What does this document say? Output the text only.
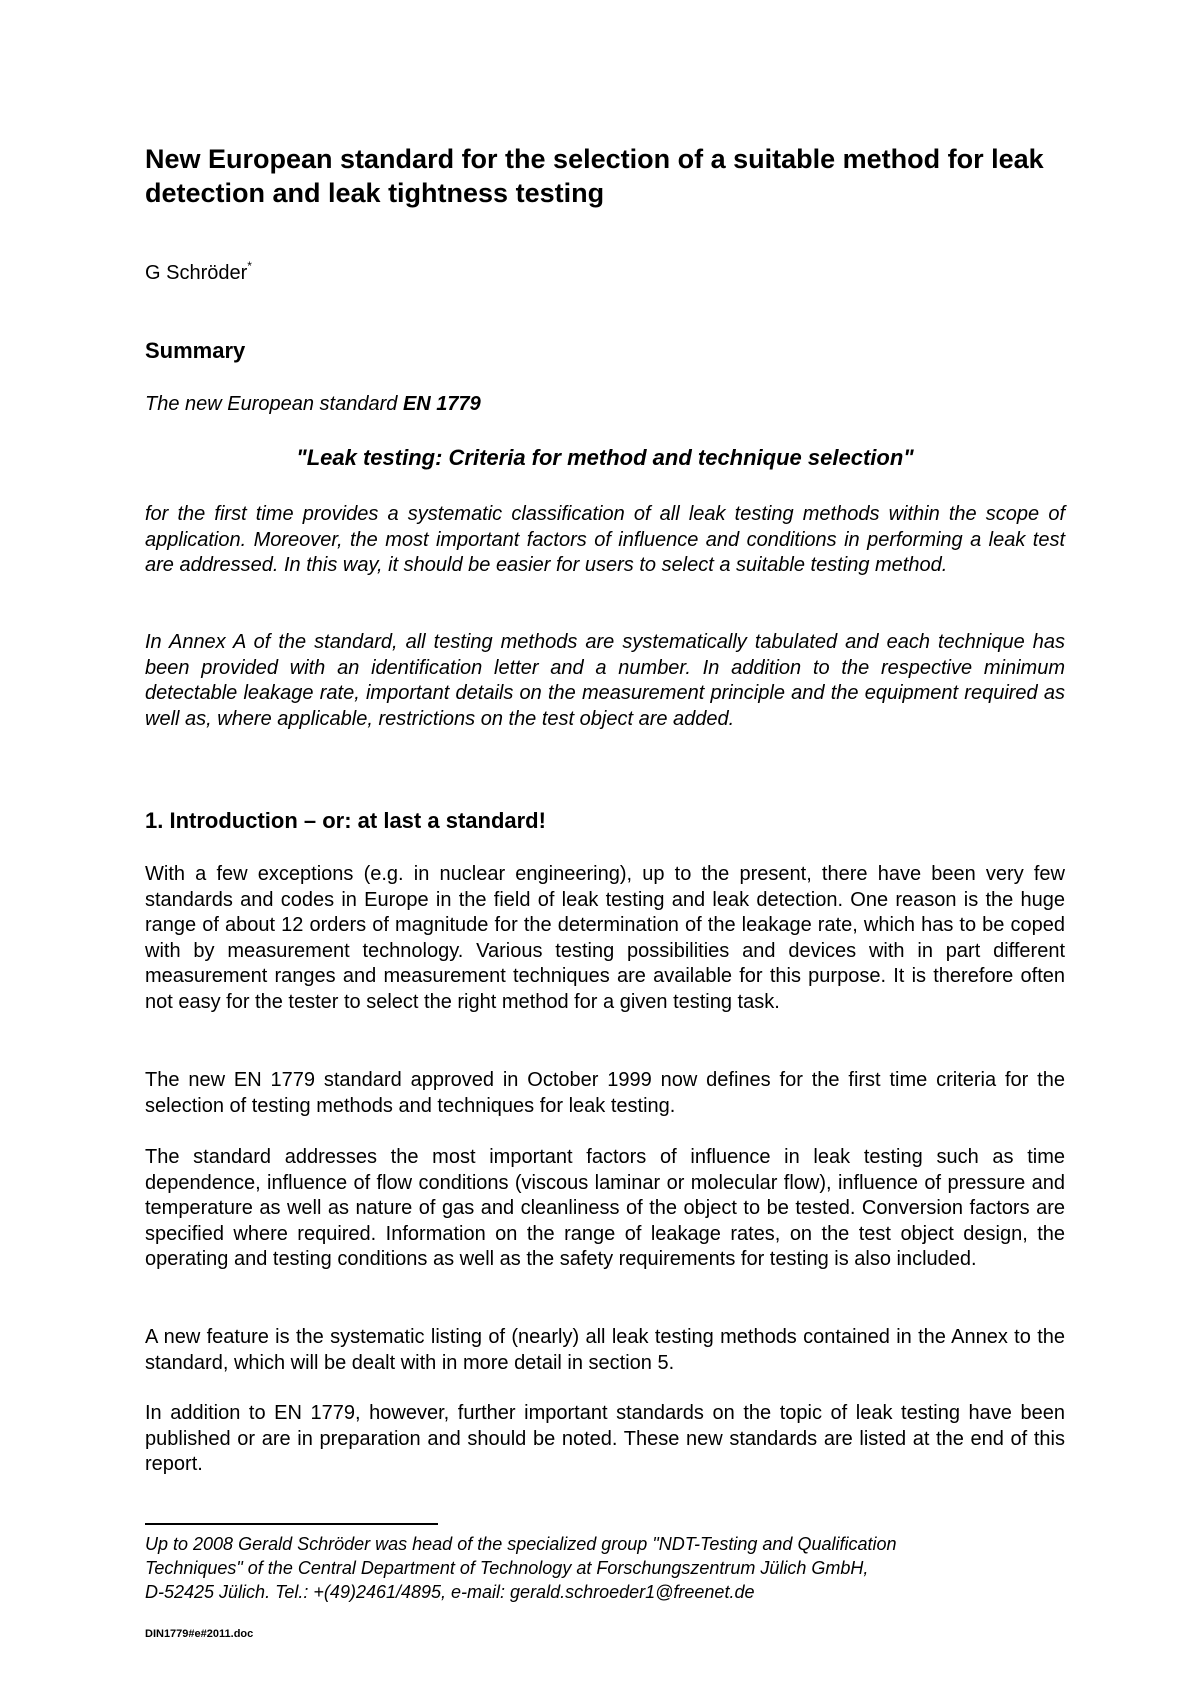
New European standard for the selection of a suitable method for leak detection and leak tightness testing

G Schröder*

Summary

The new European standard EN 1779

"Leak testing: Criteria for method and technique selection"

for the first time provides a systematic classification of all leak testing methods within the scope of application. Moreover, the most important factors of influence and conditions in performing a leak test are addressed. In this way, it should be easier for users to select a suitable testing method.

In Annex A of the standard, all testing methods are systematically tabulated and each technique has been provided with an identification letter and a number. In addition to the respective minimum detectable leakage rate, important details on the measurement principle and the equipment required as well as, where applicable, restrictions on the test object are added.

1. Introduction – or: at last a standard!

With a few exceptions (e.g. in nuclear engineering), up to the present, there have been very few standards and codes in Europe in the field of leak testing and leak detection. One reason is the huge range of about 12 orders of magnitude for the determination of the leakage rate, which has to be coped with by measurement technology. Various testing possibilities and devices with in part different measurement ranges and measurement techniques are available for this purpose. It is therefore often not easy for the tester to select the right method for a given testing task.

The new EN 1779 standard approved in October 1999 now defines for the first time criteria for the selection of testing methods and techniques for leak testing.

The standard addresses the most important factors of influence in leak testing such as time dependence, influence of flow conditions (viscous laminar or molecular flow), influence of pressure and temperature as well as nature of gas and cleanliness of the object to be tested. Conversion factors are specified where required. Information on the range of leakage rates, on the test object design, the operating and testing conditions as well as the safety requirements for testing is also included.

A new feature is the systematic listing of (nearly) all leak testing methods contained in the Annex to the standard, which will be dealt with in more detail in section 5.

In addition to EN 1779, however, further important standards on the topic of leak testing have been published or are in preparation and should be noted. These new standards are listed at the end of this report.

Up to 2008 Gerald Schröder was head of the specialized group "NDT-Testing and Qualification
Techniques" of the Central Department of Technology at Forschungszentrum Jülich GmbH,
D-52425 Jülich. Tel.: +(49)2461/4895, e-mail: gerald.schroeder1@freenet.de

DIN1779#e#2011.doc
